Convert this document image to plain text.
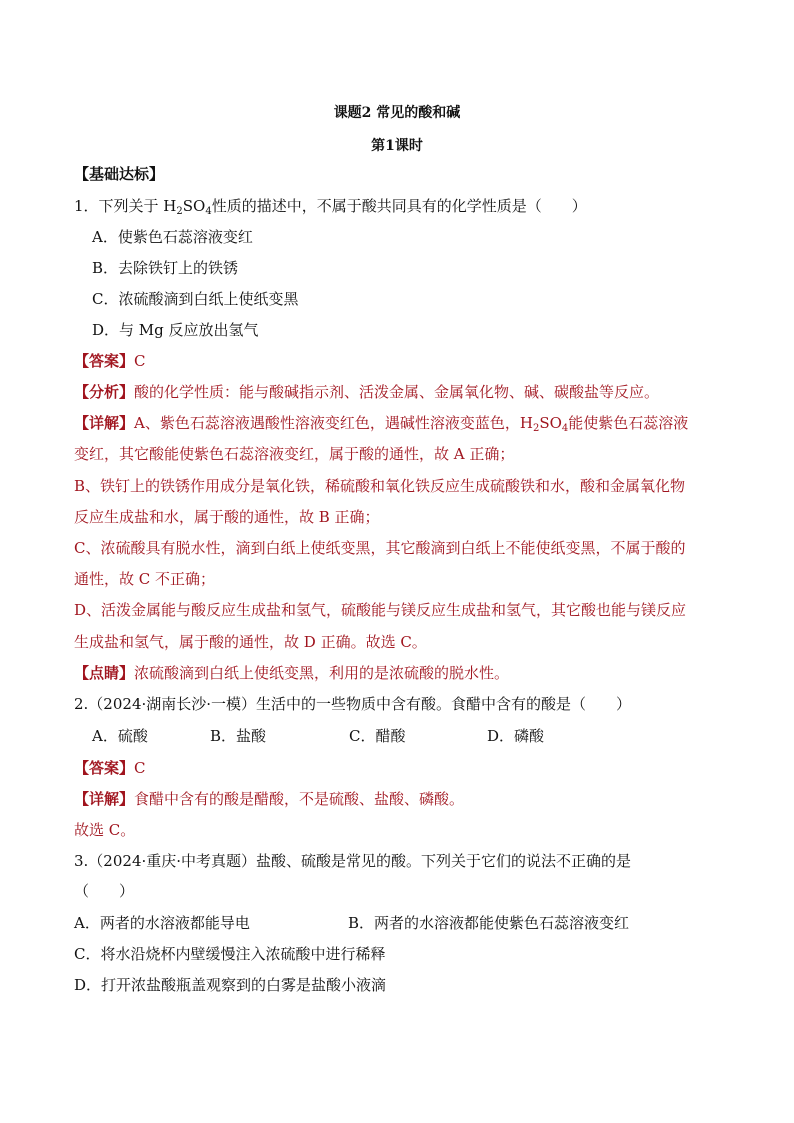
课题2 常见的酸和碱
第1课时
【基础达标】
1．下列关于 $H_2SO_4$性质的描述中，不属于酸共同具有的化学性质是（　　）
A．使紫色石蕊溶液变红
B．去除铁钉上的铁锈
C．浓硫酸滴到白纸上使纸变黑
D．与 Mg 反应放出氢气
【答案】C
【分析】酸的化学性质：能与酸碱指示剂、活泼金属、金属氧化物、碱、碳酸盐等反应。
【详解】A、紫色石蕊溶液遇酸性溶液变红色，遇碱性溶液变蓝色，$H_2SO_4$能使紫色石蕊溶液
变红，其它酸能使紫色石蕊溶液变红，属于酸的通性，故 A 正确；
B、铁钉上的铁锈作用成分是氧化铁，稀硫酸和氧化铁反应生成硫酸铁和水，酸和金属氧化物
反应生成盐和水，属于酸的通性，故 B 正确；
C、浓硫酸具有脱水性，滴到白纸上使纸变黑，其它酸滴到白纸上不能使纸变黑，不属于酸的
通性，故 C 不正确；
D、活泼金属能与酸反应生成盐和氢气，硫酸能与镁反应生成盐和氢气，其它酸也能与镁反应
生成盐和氢气，属于酸的通性，故 D 正确。故选 C。
【点睛】浓硫酸滴到白纸上使纸变黑，利用的是浓硫酸的脱水性。
2.（2024·湖南长沙·一模）生活中的一些物质中含有酸。食醋中含有的酸是（　　）
A．硫酸	B．盐酸	C．醋酸	D．磷酸
【答案】C
【详解】食醋中含有的酸是醋酸，不是硫酸、盐酸、磷酸。
故选 C。
3.（2024·重庆·中考真题）盐酸、硫酸是常见的酸。下列关于它们的说法不正确的是
（　　）
A．两者的水溶液都能导电	B．两者的水溶液都能使紫色石蕊溶液变红
C．将水沿烧杯内壁缓慢注入浓硫酸中进行稀释
D．打开浓盐酸瓶盖观察到的白雾是盐酸小液滴
